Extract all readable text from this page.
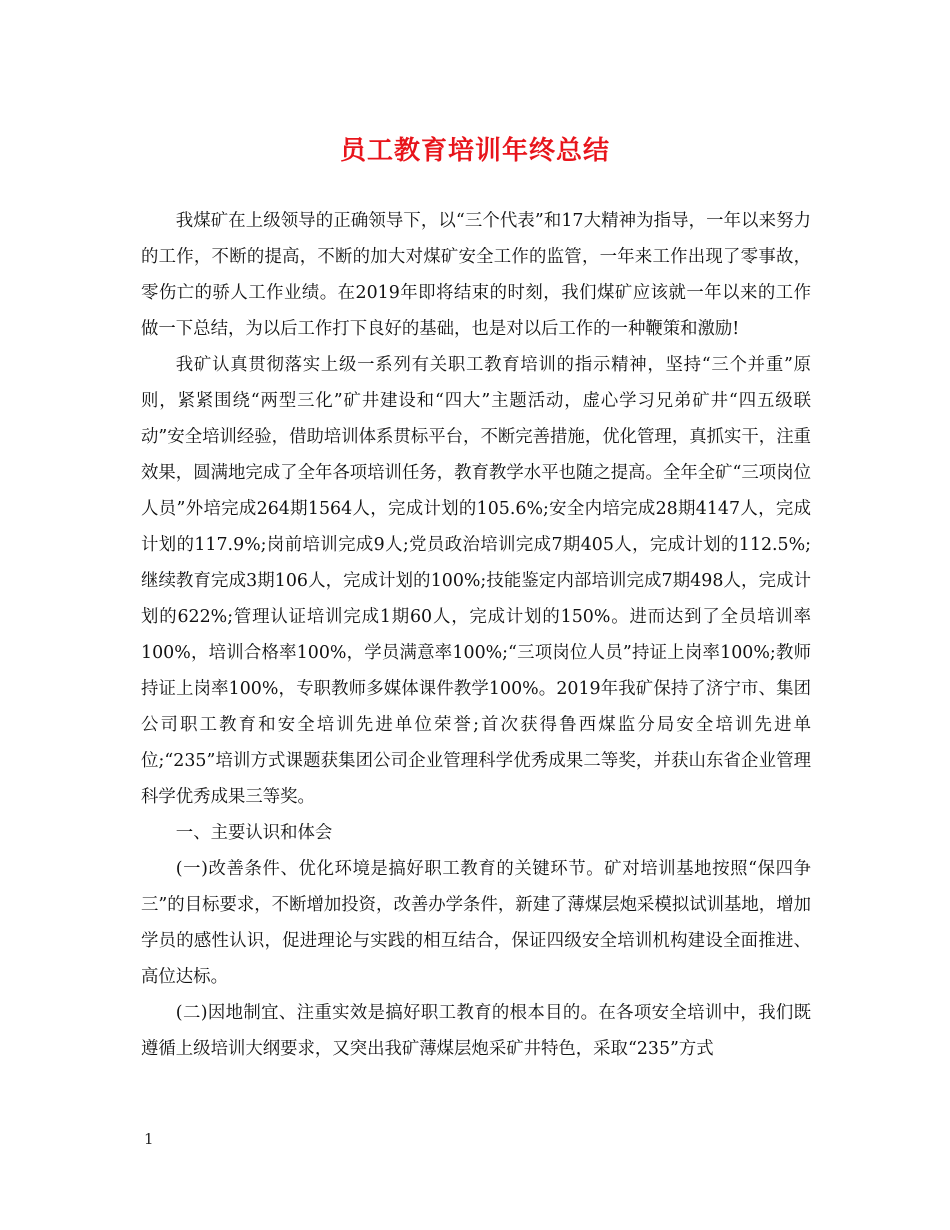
员工教育培训年终总结

我煤矿在上级领导的正确领导下，以“三个代表”和17大精神为指导，一年以来努力的工作，不断的提高，不断的加大对煤矿安全工作的监管，一年来工作出现了零事故，零伤亡的骄人工作业绩。在2019年即将结束的时刻，我们煤矿应该就一年以来的工作做一下总结，为以后工作打下良好的基础，也是对以后工作的一种鞭策和激励!

我矿认真贯彻落实上级一系列有关职工教育培训的指示精神，坚持“三个并重”原则，紧紧围绕“两型三化”矿井建设和“四大”主题活动，虚心学习兄弟矿井“四五级联动”安全培训经验，借助培训体系贯标平台，不断完善措施，优化管理，真抓实干，注重效果，圆满地完成了全年各项培训任务，教育教学水平也随之提高。全年全矿“三项岗位人员”外培完成264期1564人，完成计划的105.6%;安全内培完成28期4147人，完成计划的117.9%;岗前培训完成9人;党员政治培训完成7期405人，完成计划的112.5%;继续教育完成3期106人，完成计划的100%;技能鉴定内部培训完成7期498人，完成计划的622%;管理认证培训完成1期60人，完成计划的150%。进而达到了全员培训率100%，培训合格率100%，学员满意率100%;“三项岗位人员”持证上岗率100%;教师持证上岗率100%，专职教师多媒体课件教学100%。2019年我矿保持了济宁市、集团公司职工教育和安全培训先进单位荣誉;首次获得鲁西煤监分局安全培训先进单位;“235”培训方式课题获集团公司企业管理科学优秀成果二等奖，并获山东省企业管理科学优秀成果三等奖。

一、主要认识和体会

(一)改善条件、优化环境是搞好职工教育的关键环节。矿对培训基地按照“保四争三”的目标要求，不断增加投资，改善办学条件，新建了薄煤层炮采模拟试训基地，增加学员的感性认识，促进理论与实践的相互结合，保证四级安全培训机构建设全面推进、高位达标。

(二)因地制宜、注重实效是搞好职工教育的根本目的。在各项安全培训中，我们既遵循上级培训大纲要求，又突出我矿薄煤层炮采矿井特色，采取“235”方式

1
